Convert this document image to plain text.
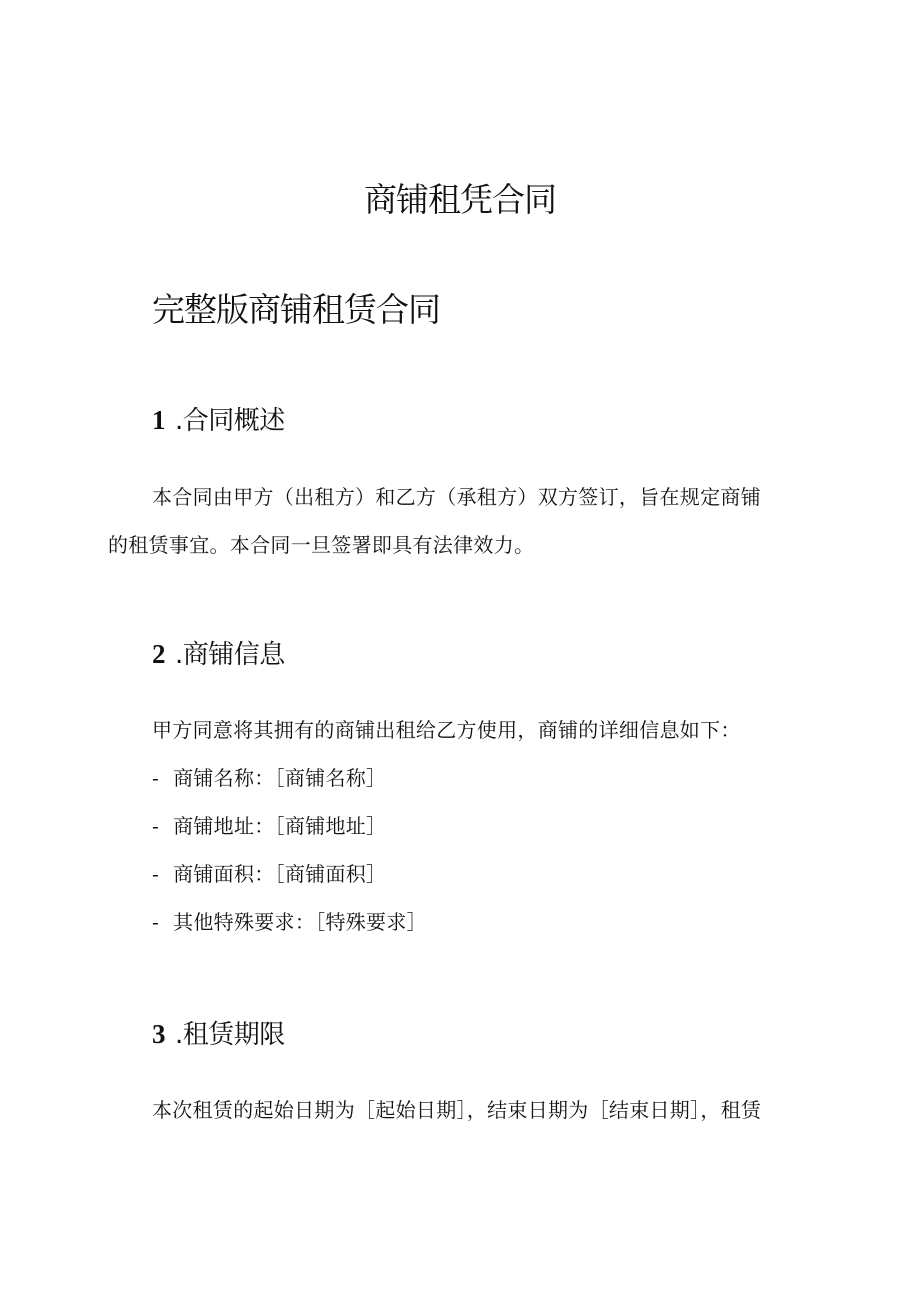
商铺租凭合同
完整版商铺租赁合同
1 .合同概述

本合同由甲方（出租方）和乙方（承租方）双方签订，旨在规定商铺

的租赁事宜。本合同一旦签署即具有法律效力。

2 .商铺信息

甲方同意将其拥有的商铺出租给乙方使用，商铺的详细信息如下：

- 商铺名称：［商铺名称］
- 商铺地址：［商铺地址］
- 商铺面积：［商铺面积］
- 其他特殊要求：［特殊要求］
3 .租赁期限

本次租赁的起始日期为［起始日期］，结束日期为［结束日期］，租赁
